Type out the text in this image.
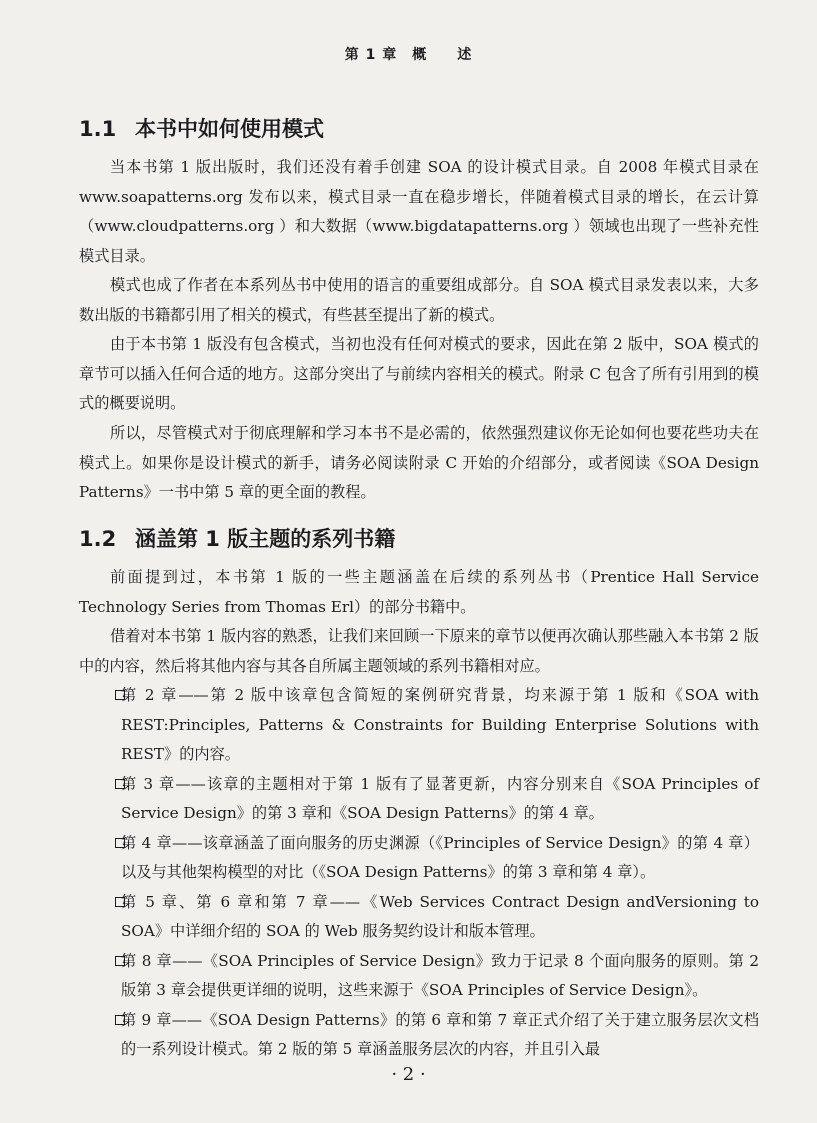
第 1 章　概　　述
1.1 本书中如何使用模式
当本书第 1 版出版时，我们还没有着手创建 SOA 的设计模式目录。自 2008 年模式目录在 www.soapatterns.org 发布以来，模式目录一直在稳步增长，伴随着模式目录的增长，在云计算（www.cloudpatterns.org ）和大数据（www.bigdatapatterns.org ）领域也出现了一些补充性模式目录。
模式也成了作者在本系列丛书中使用的语言的重要组成部分。自 SOA 模式目录发表以来，大多数出版的书籍都引用了相关的模式，有些甚至提出了新的模式。
由于本书第 1 版没有包含模式，当初也没有任何对模式的要求，因此在第 2 版中，SOA 模式的章节可以插入任何合适的地方。这部分突出了与前续内容相关的模式。附录 C 包含了所有引用到的模式的概要说明。
所以，尽管模式对于彻底理解和学习本书不是必需的，依然强烈建议你无论如何也要花些功夫在模式上。如果你是设计模式的新手，请务必阅读附录 C 开始的介绍部分，或者阅读《SOA Design Patterns》一书中第 5 章的更全面的教程。
1.2 涵盖第 1 版主题的系列书籍
前面提到过，本书第 1 版的一些主题涵盖在后续的系列丛书（Prentice Hall Service Technology Series from Thomas Erl）的部分书籍中。
借着对本书第 1 版内容的熟悉，让我们来回顾一下原来的章节以便再次确认那些融入本书第 2 版中的内容，然后将其他内容与其各自所属主题领域的系列书籍相对应。
第 2 章——第 2 版中该章包含简短的案例研究背景，均来源于第 1 版和《SOA with REST:Principles, Patterns & Constraints for Building Enterprise Solutions with REST》的内容。
第 3 章——该章的主题相对于第 1 版有了显著更新，内容分别来自《SOA Principles of Service Design》的第 3 章和《SOA Design Patterns》的第 4 章。
第 4 章——该章涵盖了面向服务的历史渊源（《Principles of Service Design》的第 4 章）以及与其他架构模型的对比（《SOA Design Patterns》的第 3 章和第 4 章）。
第 5 章、第 6 章和第 7 章——《Web Services Contract Design andVersioning to SOA》中详细介绍的 SOA 的 Web 服务契约设计和版本管理。
第 8 章——《SOA Principles of Service Design》致力于记录 8 个面向服务的原则。第 2 版第 3 章会提供更详细的说明，这些来源于《SOA Principles of Service Design》。
第 9 章——《SOA Design Patterns》的第 6 章和第 7 章正式介绍了关于建立服务层次文档的一系列设计模式。第 2 版的第 5 章涵盖服务层次的内容，并且引入最
· 2 ·
